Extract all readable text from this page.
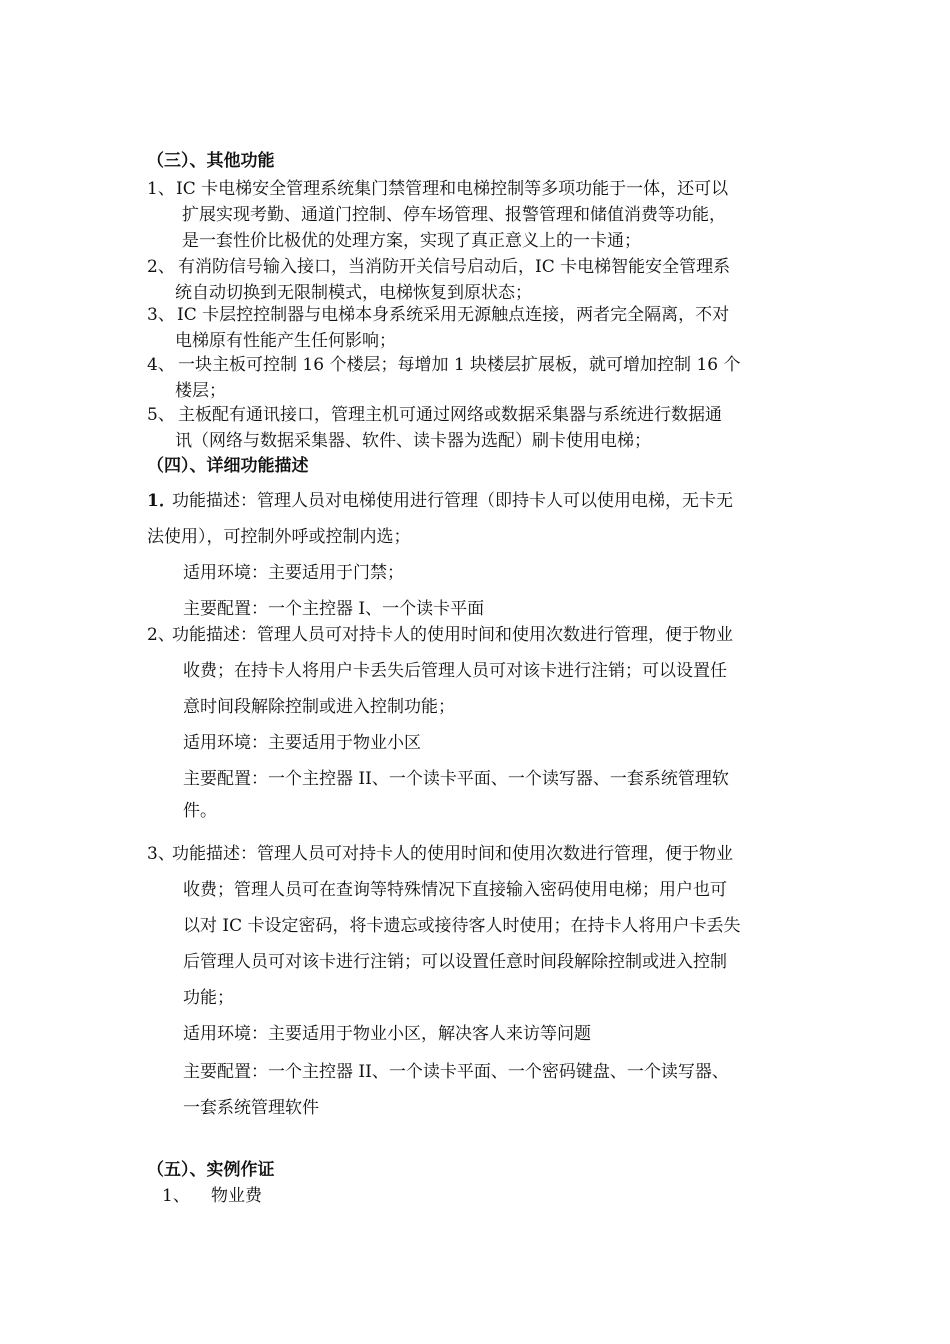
（三）、其他功能
1、 IC 卡电梯安全管理系统集门禁管理和电梯控制等多项功能于一体，还可以
扩展实现考勤、通道门控制、停车场管理、报警管理和储值消费等功能，
是一套性价比极优的处理方案，实现了真正意义上的一卡通；
2、 有消防信号输入接口，当消防开关信号启动后，IC 卡电梯智能安全管理系
统自动切换到无限制模式，电梯恢复到原状态；
3、 IC 卡层控控制器与电梯本身系统采用无源触点连接，两者完全隔离，不对
电梯原有性能产生任何影响；
4、 一块主板可控制 16 个楼层；每增加 1 块楼层扩展板，就可增加控制 16 个
楼层；
5、 主板配有通讯接口，管理主机可通过网络或数据采集器与系统进行数据通
讯（网络与数据采集器、软件、读卡器为选配）刷卡使用电梯；
（四）、详细功能描述
1．
功能描述：管理人员对电梯使用进行管理（即持卡人可以使用电梯，无卡无
法使用），可控制外呼或控制内选；
适用环境：主要适用于门禁；
主要配置：一个主控器 I、一个读卡平面
2、
功能描述：管理人员可对持卡人的使用时间和使用次数进行管理，便于物业
收费；在持卡人将用户卡丢失后管理人员可对该卡进行注销；可以设置任
意时间段解除控制或进入控制功能；
适用环境：主要适用于物业小区
主要配置：一个主控器 II、一个读卡平面、一个读写器、一套系统管理软
件。
3、
功能描述：管理人员可对持卡人的使用时间和使用次数进行管理，便于物业
收费；管理人员可在查询等特殊情况下直接输入密码使用电梯；用户也可
以对 IC 卡设定密码，将卡遗忘或接待客人时使用；在持卡人将用户卡丢失
后管理人员可对该卡进行注销；可以设置任意时间段解除控制或进入控制
功能；
适用环境：主要适用于物业小区，解决客人来访等问题
主要配置：一个主控器 II、一个读卡平面、一个密码键盘、一个读写器、
一套系统管理软件
（五）、实例作证
1、 物业费
